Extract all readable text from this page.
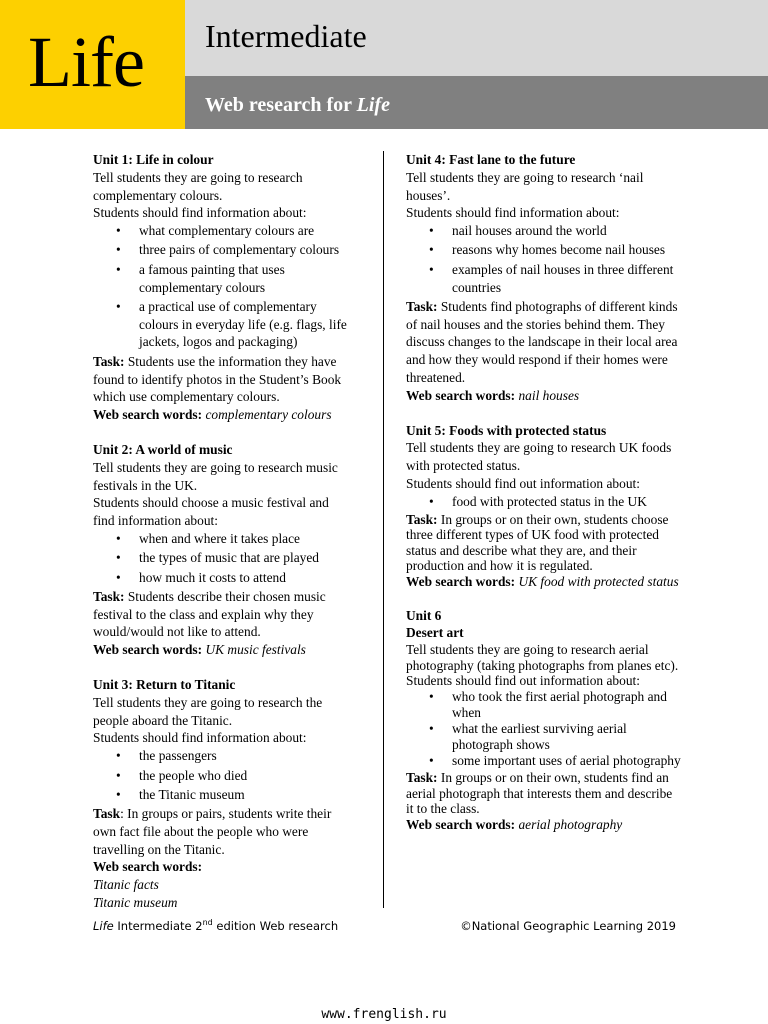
Life Intermediate
Web research for Life

Unit 1: Life in colour

Tell students they are going to research complementary colours.

Students should find information about:

• what complementary colours are
• three pairs of complementary colours
• a famous painting that uses complementary colours
• a practical use of complementary colours in everyday life (e.g. flags, life jackets, logos and packaging)

Task: Students use the information they have found to identify photos in the Student’s Book which use complementary colours.

Web search words: complementary colours

Unit 2: A world of music

Tell students they are going to research music festivals in the UK.

Students should choose a music festival and find information about:

• when and where it takes place
• the types of music that are played
• how much it costs to attend

Task: Students describe their chosen music festival to the class and explain why they would/would not like to attend.

Web search words: UK music festivals

Unit 3: Return to Titanic

Tell students they are going to research the people aboard the Titanic.

Students should find information about:

• the passengers
• the people who died
• the Titanic museum

Task: In groups or pairs, students write their own fact file about the people who were travelling on the Titanic.

Web search words:

Titanic facts

Titanic museum

Unit 4: Fast lane to the future

Tell students they are going to research ‘nail houses’.

Students should find information about:

• nail houses around the world
• reasons why homes become nail houses
• examples of nail houses in three different countries

Task: Students find photographs of different kinds of nail houses and the stories behind them. They discuss changes to the landscape in their local area and how they would respond if their homes were threatened.

Web search words: nail houses

Unit 5: Foods with protected status

Tell students they are going to research UK foods with protected status.

Students should find out information about:

• food with protected status in the UK

Task: In groups or on their own, students choose three different types of UK food with protected status and describe what they are, and their production and how it is regulated.

Web search words: UK food with protected status

Unit 6

Desert art

Tell students they are going to research aerial photography (taking photographs from planes etc).

Students should find out information about:

• who took the first aerial photograph and when
• what the earliest surviving aerial photograph shows
• some important uses of aerial photography

Task: In groups or on their own, students find an aerial photograph that interests them and describe it to the class.

Web search words: aerial photography

Life Intermediate 2nd edition Web research	©National Geographic Learning 2019
www.frenglish.ru
